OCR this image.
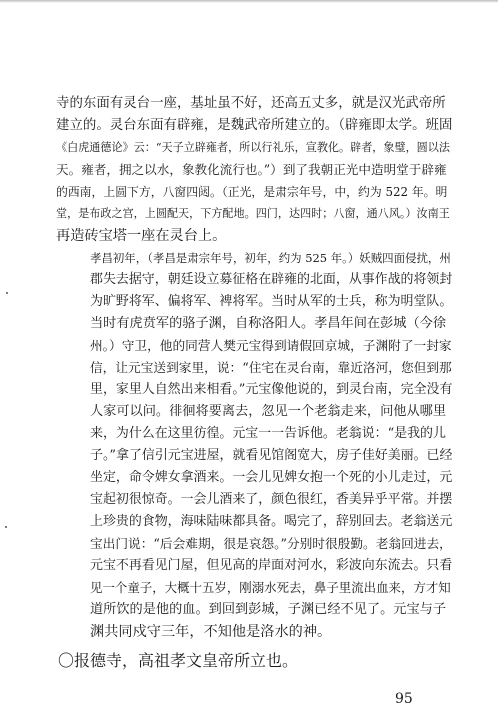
寺的东面有灵台一座，基址虽不好，还高五丈多，就是汉光武帝所
建立的。灵台东面有辟雍，是魏武帝所建立的。（辟雍即太学。班固
《白虎通德论》云：“天子立辟雍者，所以行礼乐，宣教化。辟者，象璧，圆以法
天。雍者，拥之以水，象教化流行也。”）到了我朝正光中造明堂于辟雍
的西南，上圆下方，八窗四闼。（正光，是肃宗年号，中，约为 522 年。明
堂，是布政之宫，上圆配天，下方配地。四门，达四时；八窗，通八风。）汝南王
再造砖宝塔一座在灵台上。
孝昌初年，（孝昌是肃宗年号，初年，约为 525 年。）妖贼四面侵扰，州
郡失去据守，朝廷设立募征格在辟雍的北面，从事作战的将领封
为旷野将军、偏将军、裨将军。当时从军的士兵，称为明堂队。
当时有虎贲军的骆子渊，自称洛阳人。孝昌年间在彭城（今徐
州。）守卫，他的同营人樊元宝得到请假回京城，子渊附了一封家
信，让元宝送到家里，说：“住宅在灵台南，靠近洛河，您但到那
里，家里人自然出来相看。”元宝像他说的，到灵台南，完全没有
人家可以问。徘徊将要离去，忽见一个老翁走来，问他从哪里
来，为什么在这里彷徨。元宝一一告诉他。老翁说：“是我的儿
子。”拿了信引元宝进屋，就看见馆阁宽大，房子佳好美丽。已经
坐定，命令婢女拿酒来。一会儿见婢女抱一个死的小儿走过，元
宝起初很惊奇。一会儿酒来了，颜色很红，香美异乎平常。并摆
上珍贵的食物，海味陆味都具备。喝完了，辞别回去。老翁送元
宝出门说：“后会难期，很是哀怨。”分别时很殷勤。老翁回进去，
元宝不再看见门屋，但见高的岸面对河水，彩波向东流去。只看
见一个童子，大概十五岁，刚溺水死去，鼻子里流出血来，方才知
道所饮的是他的血。到回到彭城，子渊已经不见了。元宝与子
渊共同戍守三年，不知他是洛水的神。
〇报德寺，高祖孝文皇帝所立也。
95
